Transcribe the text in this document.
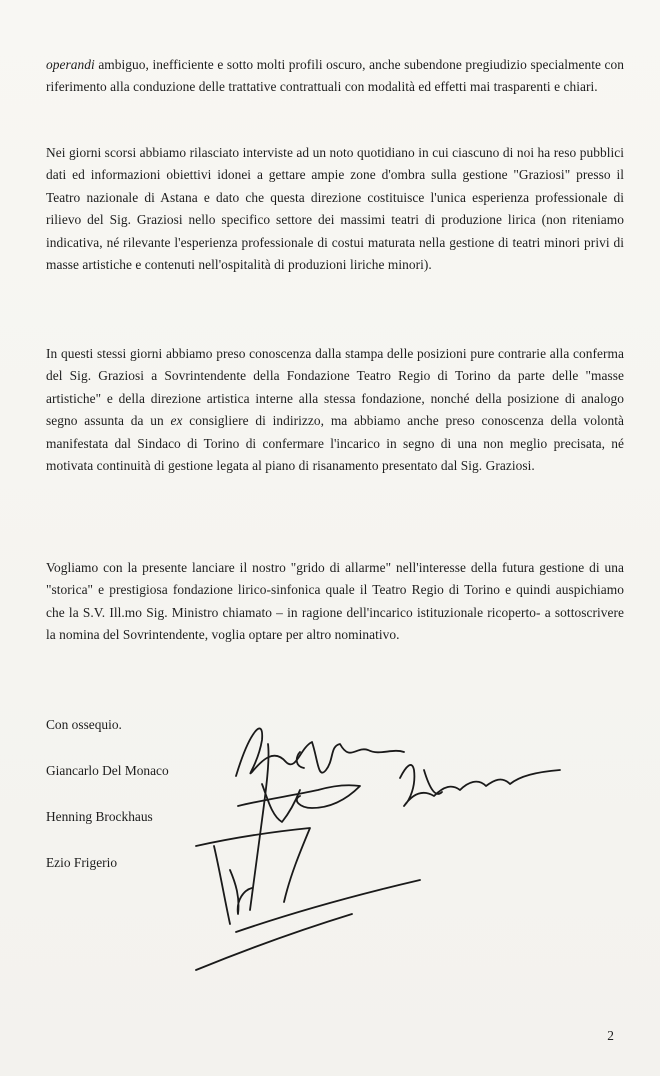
operandi ambiguo, inefficiente e sotto molti profili oscuro, anche subendone pregiudizio specialmente con riferimento alla conduzione delle trattative contrattuali con modalità ed effetti mai trasparenti e chiari.

Nei giorni scorsi abbiamo rilasciato interviste ad un noto quotidiano in cui ciascuno di noi ha reso pubblici dati ed informazioni obiettivi idonei a gettare ampie zone d'ombra sulla gestione "Graziosi" presso il Teatro nazionale di Astana e dato che questa direzione costituisce l'unica esperienza professionale di rilievo del Sig. Graziosi nello specifico settore dei massimi teatri di produzione lirica (non riteniamo indicativa, né rilevante l'esperienza professionale di costui maturata nella gestione di teatri minori privi di masse artistiche e contenuti nell'ospitalità di produzioni liriche minori).

In questi stessi giorni abbiamo preso conoscenza dalla stampa delle posizioni pure contrarie alla conferma del Sig. Graziosi a Sovrintendente della Fondazione Teatro Regio di Torino da parte delle "masse artistiche" e della direzione artistica interne alla stessa fondazione, nonché della posizione di analogo segno assunta da un ex consigliere di indirizzo, ma abbiamo anche preso conoscenza della volontà manifestata dal Sindaco di Torino di confermare l'incarico in segno di una non meglio precisata, né motivata continuità di gestione legata al piano di risanamento presentato dal Sig. Graziosi.

Vogliamo con la presente lanciare il nostro "grido di allarme" nell'interesse della futura gestione di una "storica" e prestigiosa fondazione lirico-sinfonica quale il Teatro Regio di Torino e quindi auspichiamo che la S.V. Ill.mo Sig. Ministro chiamato – in ragione dell'incarico istituzionale ricoperto- a sottoscrivere la nomina del Sovrintendente, voglia optare per altro nominativo.

Con ossequio.
Giancarlo Del Monaco
Henning Brockhaus
Ezio Frigerio
2
